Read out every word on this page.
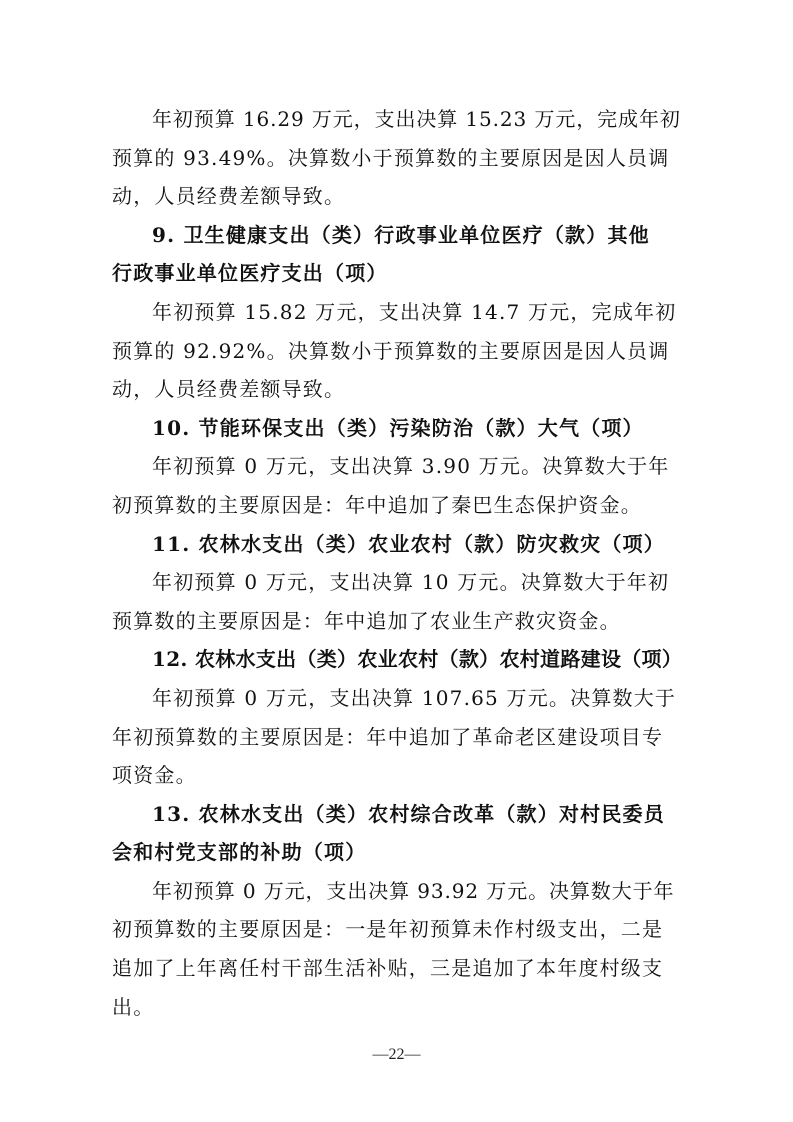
年初预算 16.29 万元，支出决算 15.23 万元，完成年初
预算的 93.49%。决算数小于预算数的主要原因是因人员调
动，人员经费差额导致。
9. 卫生健康支出（类）行政事业单位医疗（款）其他
行政事业单位医疗支出（项）
年初预算 15.82 万元，支出决算 14.7 万元，完成年初
预算的 92.92%。决算数小于预算数的主要原因是因人员调
动，人员经费差额导致。
10. 节能环保支出（类）污染防治（款）大气（项）
年初预算 0 万元，支出决算 3.90 万元。决算数大于年
初预算数的主要原因是：年中追加了秦巴生态保护资金。
11. 农林水支出（类）农业农村（款）防灾救灾（项）
年初预算 0 万元，支出决算 10 万元。决算数大于年初
预算数的主要原因是：年中追加了农业生产救灾资金。
12. 农林水支出（类）农业农村（款）农村道路建设（项）
年初预算 0 万元，支出决算 107.65 万元。决算数大于
年初预算数的主要原因是：年中追加了革命老区建设项目专
项资金。
13. 农林水支出（类）农村综合改革（款）对村民委员
会和村党支部的补助（项）
年初预算 0 万元，支出决算 93.92 万元。决算数大于年
初预算数的主要原因是：一是年初预算未作村级支出，二是
追加了上年离任村干部生活补贴，三是追加了本年度村级支
出。
—22—
